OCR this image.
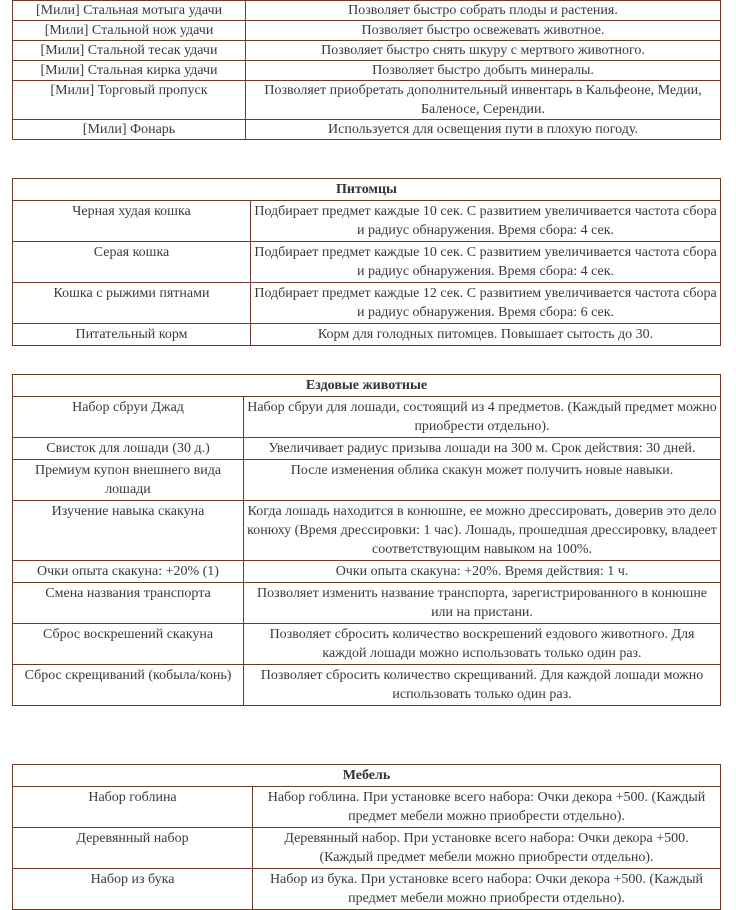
[Мили] Стальная мотыга удачи	Позволяет быстро собрать плоды и растения.
[Мили] Стальной нож удачи	Позволяет быстро освежевать животное.
[Мили] Стальной тесак удачи	Позволяет быстро снять шкуру с мертвого животного.
[Мили] Стальная кирка удачи	Позволяет быстро добыть минералы.
[Мили] Торговый пропуск	Позволяет приобретать дополнительный инвентарь в Кальфеоне, Медии, Баленосе, Серендии.
[Мили] Фонарь	Используется для освещения пути в плохую погоду.
Питомцы	
Черная худая кошка	Подбирает предмет каждые 10 сек. С развитием увеличивается частота сбора и радиус обнаружения. Время сбора: 4 сек.
Серая кошка	Подбирает предмет каждые 10 сек. С развитием увеличивается частота сбора и радиус обнаружения. Время сбора: 4 сек.
Кошка с рыжими пятнами	Подбирает предмет каждые 12 сек. С развитием увеличивается частота сбора и радиус обнаружения. Время сбора: 6 сек.
Питательный корм	Корм для голодных питомцев. Повышает сытость до 30.
Ездовые животные	
Набор сбруи Джад	Набор сбруи для лошади, состоящий из 4 предметов. (Каждый предмет можно приобрести отдельно).
Свисток для лошади (30 д.)	Увеличивает радиус призыва лошади на 300 м. Срок действия: 30 дней.
Премиум купон внешнего вида лошади	После изменения облика скакун может получить новые навыки.
Изучение навыка скакуна	Когда лошадь находится в конюшне, ее можно дрессировать, доверив это дело конюху (Время дрессировки: 1 час). Лошадь, прошедшая дрессировку, владеет соответствующим навыком на 100%.
Очки опыта скакуна: +20% (1)	Очки опыта скакуна: +20%. Время действия: 1 ч.
Смена названия транспорта	Позволяет изменить название транспорта, зарегистрированного в конюшне или на пристани.
Сброс воскрешений скакуна	Позволяет сбросить количество воскрешений ездового животного. Для каждой лошади можно использовать только один раз.
Сброс скрещиваний (кобыла/конь)	Позволяет сбросить количество скрещиваний. Для каждой лошади можно использовать только один раз.
Мебель	
Набор гоблина	Набор гоблина. При установке всего набора: Очки декора +500. (Каждый предмет мебели можно приобрести отдельно).
Деревянный набор	Деревянный набор. При установке всего набора: Очки декора +500. (Каждый предмет мебели можно приобрести отдельно).
Набор из бука	Набор из бука. При установке всего набора: Очки декора +500. (Каждый предмет мебели можно приобрести отдельно).
